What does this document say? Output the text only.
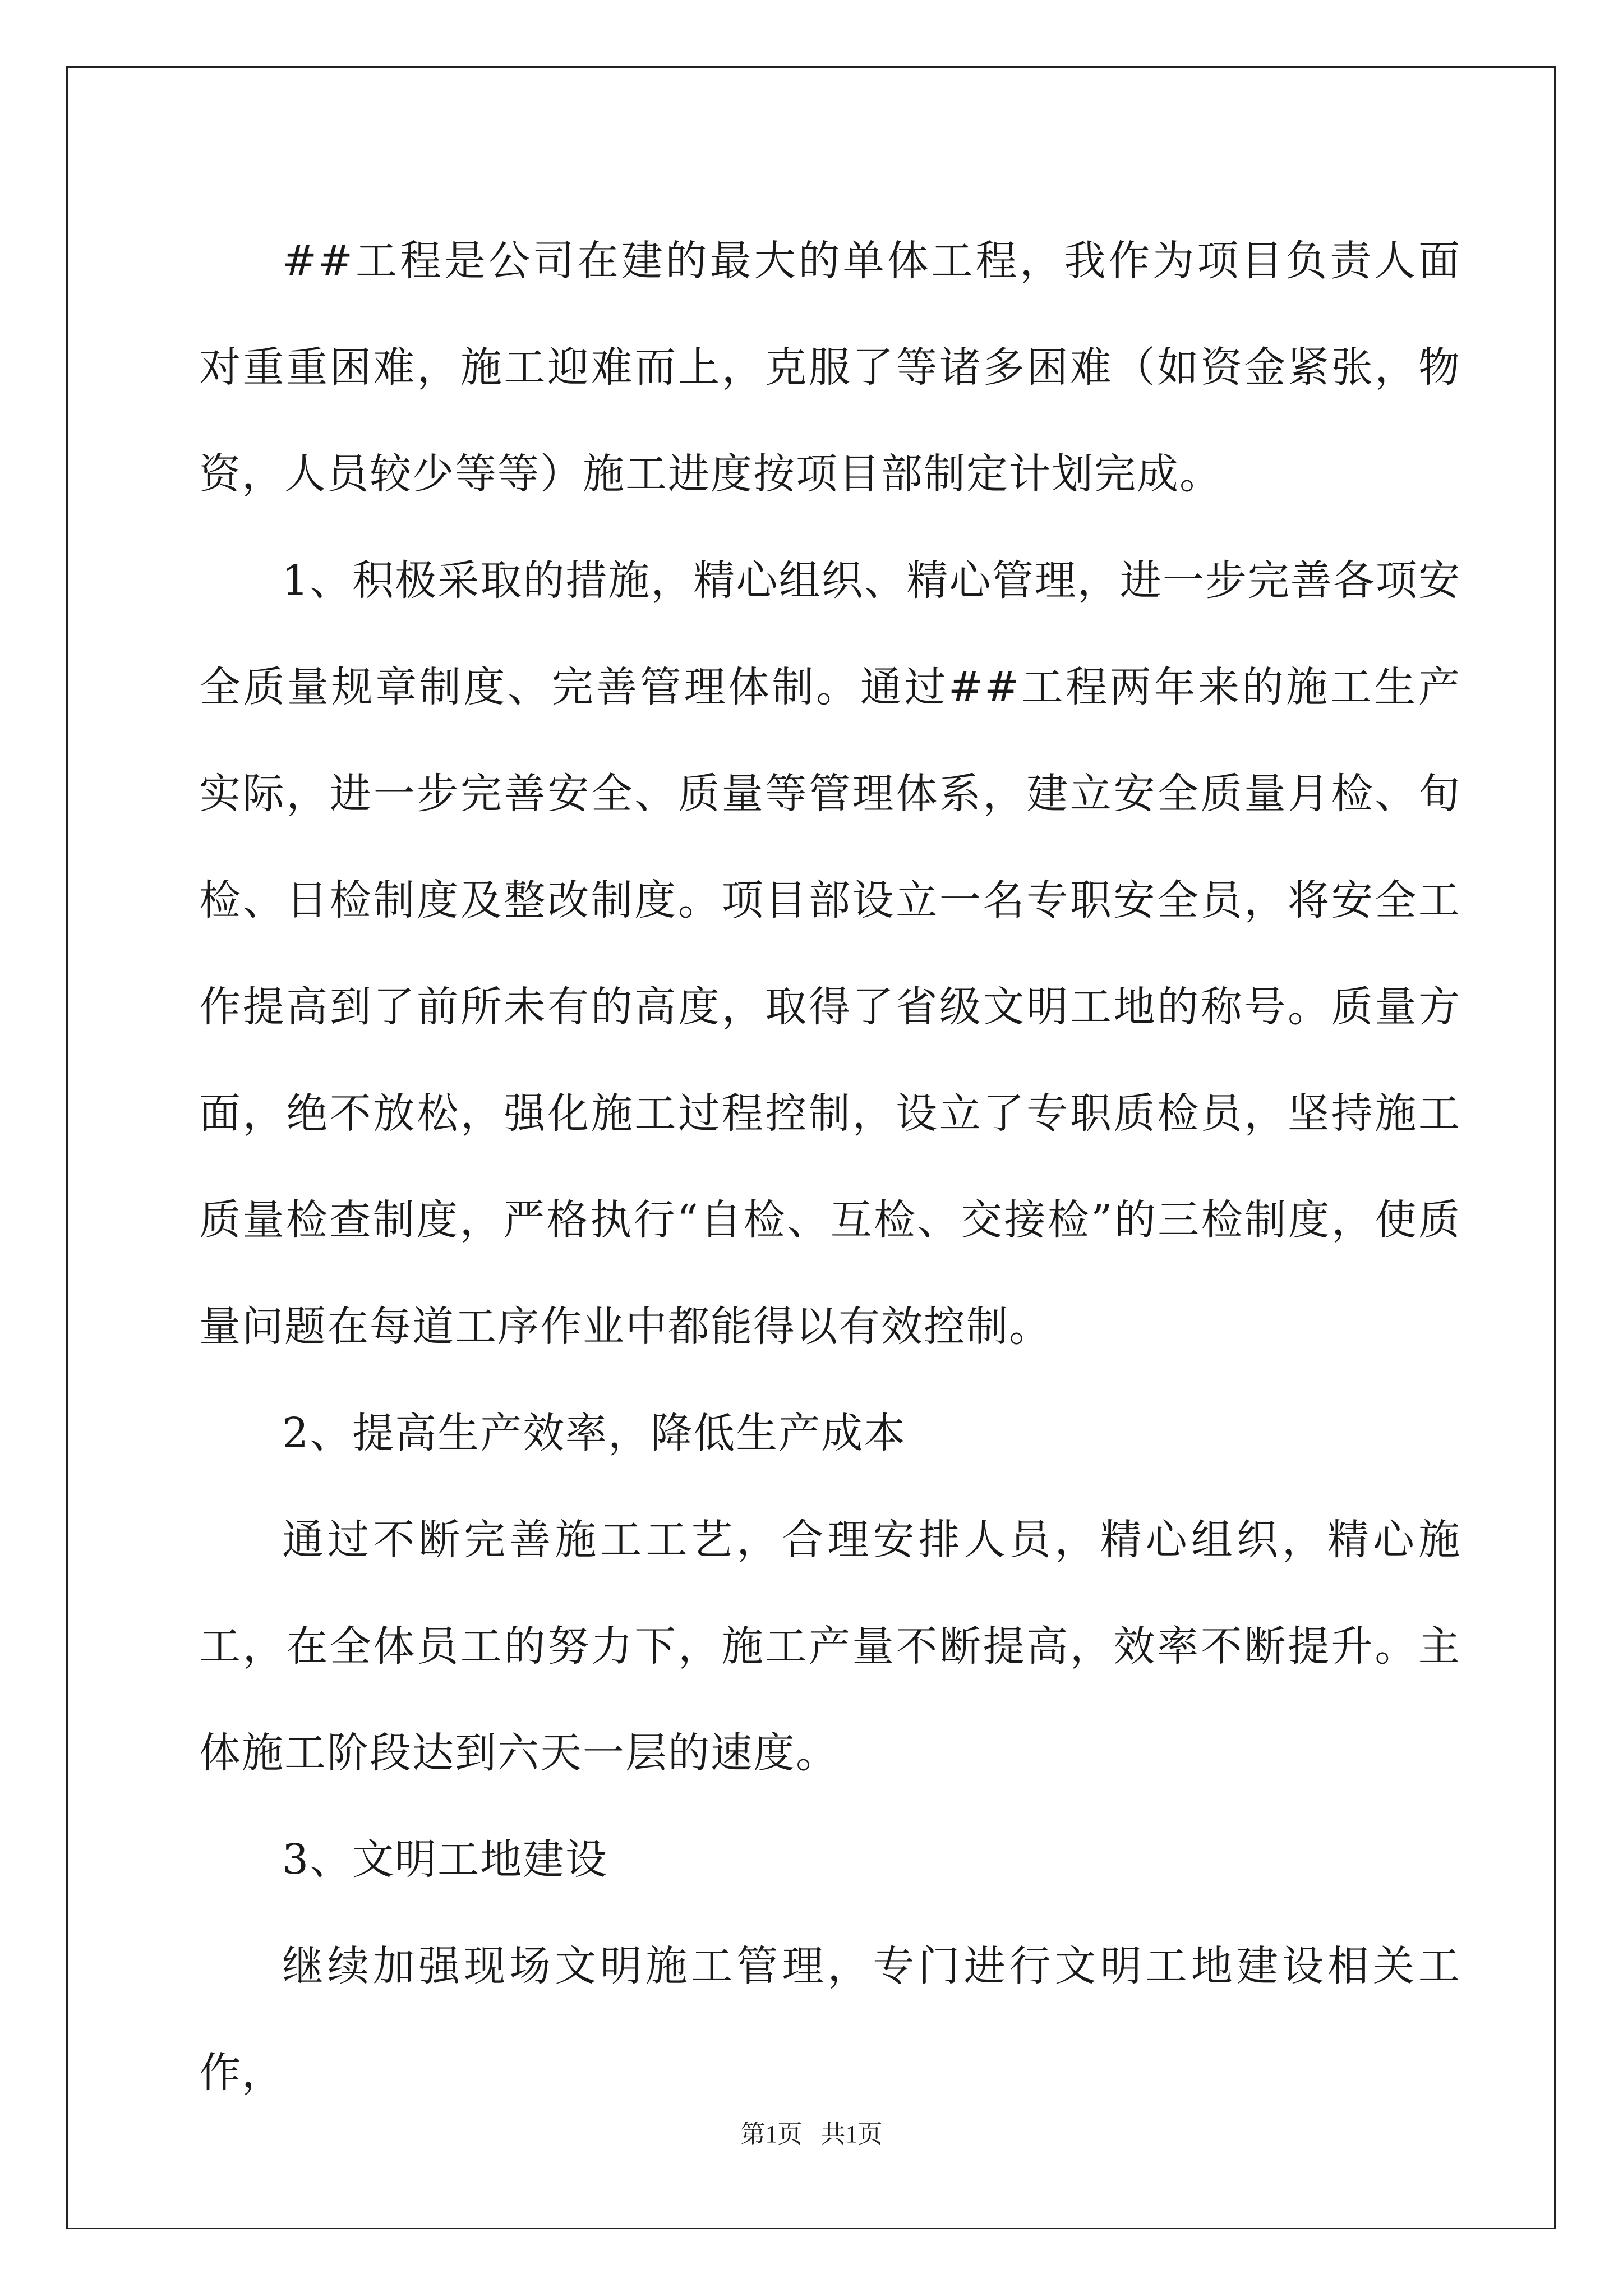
##工程是公司在建的最大的单体工程，我作为项目负责人面对重重困难，施工迎难而上，克服了等诸多困难（如资金紧张，物资，人员较少等等）施工进度按项目部制定计划完成。

1、积极采取的措施，精心组织、精心管理，进一步完善各项安全质量规章制度、完善管理体制。通过##工程两年来的施工生产实际，进一步完善安全、质量等管理体系，建立安全质量月检、旬检、日检制度及整改制度。项目部设立一名专职安全员，将安全工作提高到了前所未有的高度，取得了省级文明工地的称号。质量方面，绝不放松，强化施工过程控制，设立了专职质检员，坚持施工质量检查制度，严格执行“自检、互检、交接检”的三检制度，使质量问题在每道工序作业中都能得以有效控制。

2、提高生产效率，降低生产成本

通过不断完善施工工艺，合理安排人员，精心组织，精心施工，在全体员工的努力下，施工产量不断提高，效率不断提升。主体施工阶段达到六天一层的速度。

3、文明工地建设

继续加强现场文明施工管理，专门进行文明工地建设相关工作，

第1页 共1页
